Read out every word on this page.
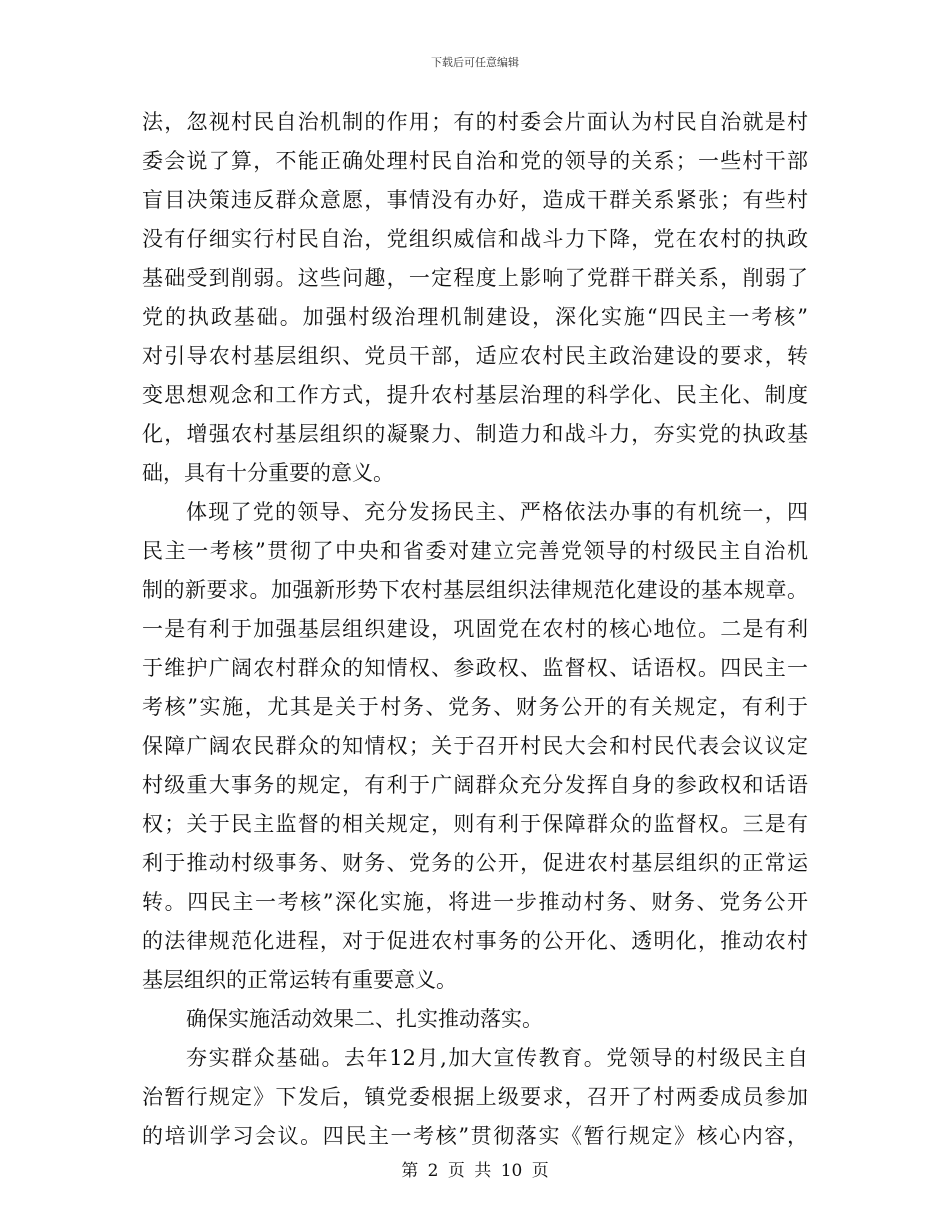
下载后可任意编辑
法，忽视村民自治机制的作用；有的村委会片面认为村民自治就是村
委会说了算，不能正确处理村民自治和党的领导的关系；一些村干部
盲目决策违反群众意愿，事情没有办好，造成干群关系紧张；有些村
没有仔细实行村民自治，党组织威信和战斗力下降，党在农村的执政
基础受到削弱。这些问趣，一定程度上影响了党群干群关系，削弱了
党的执政基础。加强村级治理机制建设，深化实施“四民主一考核”
对引导农村基层组织、党员干部，适应农村民主政治建设的要求，转
变思想观念和工作方式，提升农村基层治理的科学化、民主化、制度
化，增强农村基层组织的凝聚力、制造力和战斗力，夯实党的执政基
础，具有十分重要的意义。
体现了党的领导、充分发扬民主、严格依法办事的有机统一，四
民主一考核”贯彻了中央和省委对建立完善党领导的村级民主自治机
制的新要求。加强新形势下农村基层组织法律规范化建设的基本规章。
一是有利于加强基层组织建设，巩固党在农村的核心地位。二是有利
于维护广阔农村群众的知情权、参政权、监督权、话语权。四民主一
考核”实施，尤其是关于村务、党务、财务公开的有关规定，有利于
保障广阔农民群众的知情权；关于召开村民大会和村民代表会议议定
村级重大事务的规定，有利于广阔群众充分发挥自身的参政权和话语
权；关于民主监督的相关规定，则有利于保障群众的监督权。三是有
利于推动村级事务、财务、党务的公开，促进农村基层组织的正常运
转。四民主一考核”深化实施，将进一步推动村务、财务、党务公开
的法律规范化进程，对于促进农村事务的公开化、透明化，推动农村
基层组织的正常运转有重要意义。
确保实施活动效果二、扎实推动落实。
夯实群众基础。去年12月,加大宣传教育。党领导的村级民主自
治暂行规定》下发后，镇党委根据上级要求，召开了村两委成员参加
的培训学习会议。四民主一考核”贯彻落实《暂行规定》核心内容，
第 2 页 共 10 页
